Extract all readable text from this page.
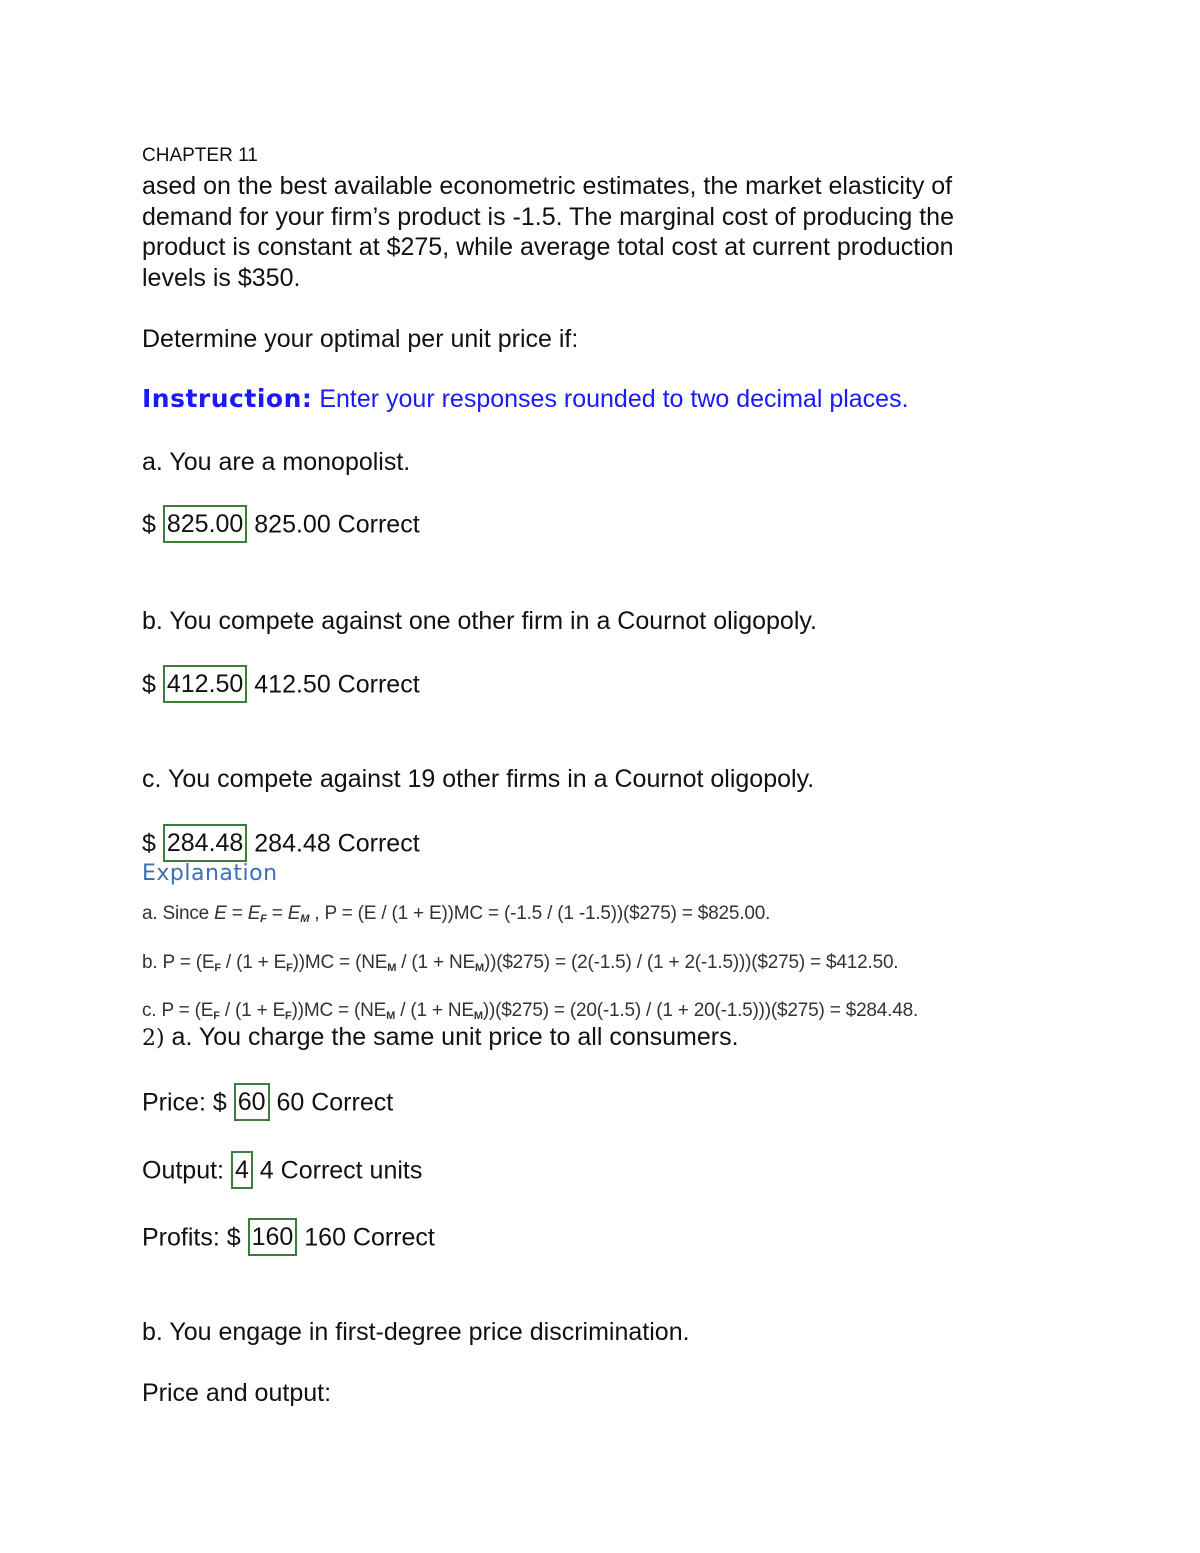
CHAPTER 11
ased on the best available econometric estimates, the market elasticity of
demand for your firm’s product is -1.5. The marginal cost of producing the
product is constant at $275, while average total cost at current production
levels is $350.
Determine your optimal per unit price if:
Instruction: Enter your responses rounded to two decimal places.
a. You are a monopolist.
$ 825.00 825.00 Correct
b. You compete against one other firm in a Cournot oligopoly.
$ 412.50 412.50 Correct
c. You compete against 19 other firms in a Cournot oligopoly.
$ 284.48 284.48 Correct
Explanation
a. Since $E = E_F = E_M$ , P = (E / (1 + E))MC = (-1.5 / (1 -1.5))($275) = $825.00.
b. $P = (E_F / (1 + E_F))MC = (NE_M / (1$ + $NE_M))(\$275) = (2(-1.5) / (1$ + 2(-1.5)))($275) = $412.50.
c. $P = (E_F / (1 + E_F))MC = (NE_M / (1$ + $NE_M))(\$275) = (20(-1.5) / (1$ + 20(-1.5)))($275) = $284.48.
2) a. You charge the same unit price to all consumers.
Price: $ 60 60 Correct
Output: 4 4 Correct units
Profits: $ 160 160 Correct
b. You engage in first-degree price discrimination.
Price and output:
